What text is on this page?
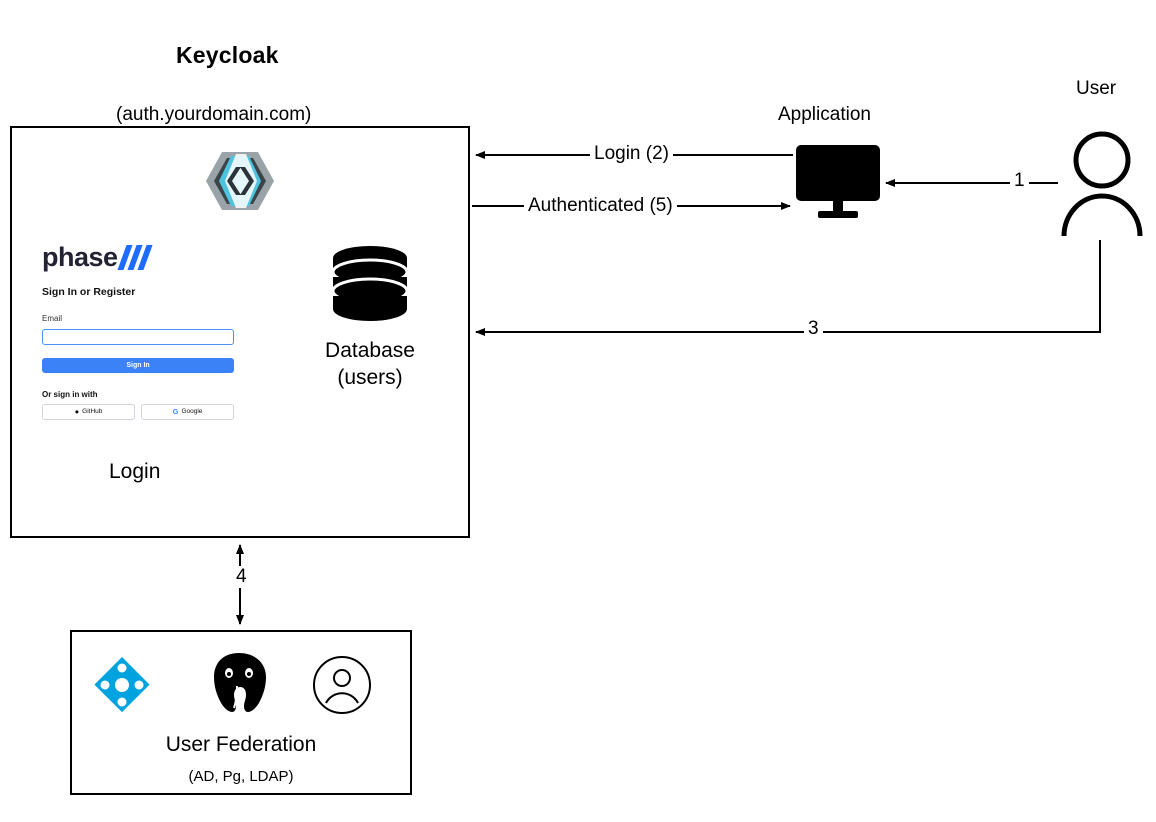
Keycloak
(auth.yourdomain.com)	Application
User
phase
Sign In or Register
Email
Sign In
Or sign in with
● GitHub	G Google
Login
Database
(users)
User Federation
(AD, Pg, LDAP)
Login (2)
Authenticated (5)
1
3
4
